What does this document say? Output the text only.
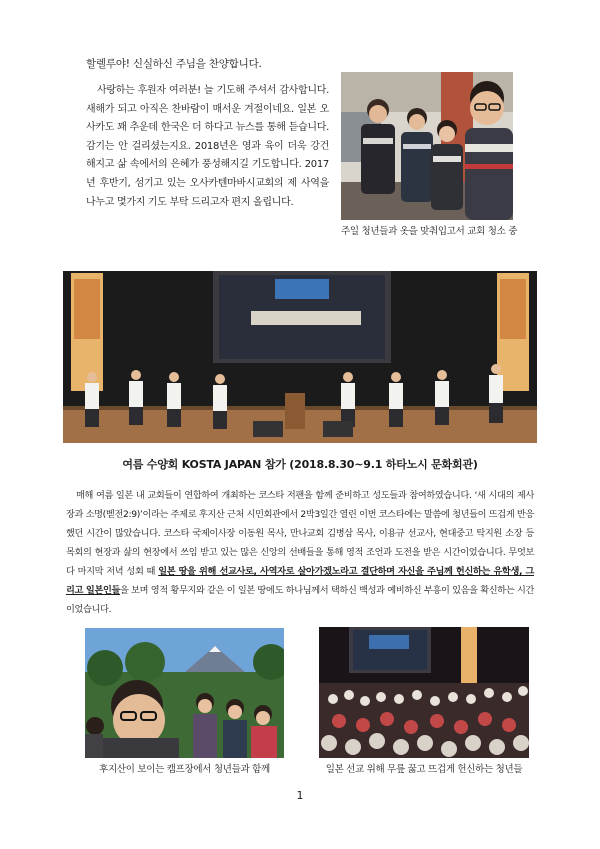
할렐루야! 신실하신 주님을 찬양합니다.

사랑하는 후원자 여러분! 늘 기도해 주셔서 감사합니다. 새해가 되고 아직은 찬바람이 매서운 겨절이네요. 일본 오사카도 꽤 추운데 한국은 더 하다고 뉴스를 통해 듣습니다. 감기는 안 걸리셨는지요. 2018년은 영과 육이 더욱 강건해지고 삶 속에서의 은혜가 풍성해지길 기도합니다. 2017년 후반기, 섬기고 있는 오사카텐마바시교회의 제 사역을 나누고 몇가지 기도 부탁 드리고자 편지 올립니다.

주일 청년들과 옷을 맞춰입고서 교회 청소 중
여름 수양회 KOSTA JAPAN 참가 (2018.8.30~9.1 하타노시 문화회관)

매해 여름 일본 내 교회들이 연합하여 개최하는 코스타 저팬을 함께 준비하고 성도들과 참여하였습니다. ‘새 시대의 제사장과 소명(벧전2:9)’이라는 주제로 후지산 근처 시민회관에서 2박3일간 열린 이번 코스타에는 말씀에 청년들이 뜨겁게 반응했던 시간이 많았습니다. 코스타 국제이사장 이동원 목사, 만나교회 김병삼 목사, 이용규 선교사, 현대중고 탁지원 소장 등 목회의 현장과 삶의 현장에서 쓰임 받고 있는 많은 신앙의 선배들을 통해 영적 조언과 도전을 받은 시간이었습니다. 무엇보다 마지막 저녁 성회 때 일본 땅을 위해 선교사로, 사역자로 살아가겠노라고 결단하며 자신을 주님께 헌신하는 유학생, 그리고 일본인들을 보며 영적 황무지와 같은 이 일본 땅에도 하나님께서 택하신 백성과 예비하신 부흥이 있음을 확신하는 시간이었습니다.

후지산이 보이는 캠프장에서 청년들과 함께	일본 선교 위해 무릎 꿇고 뜨겁게 헌신하는 청년들
1
